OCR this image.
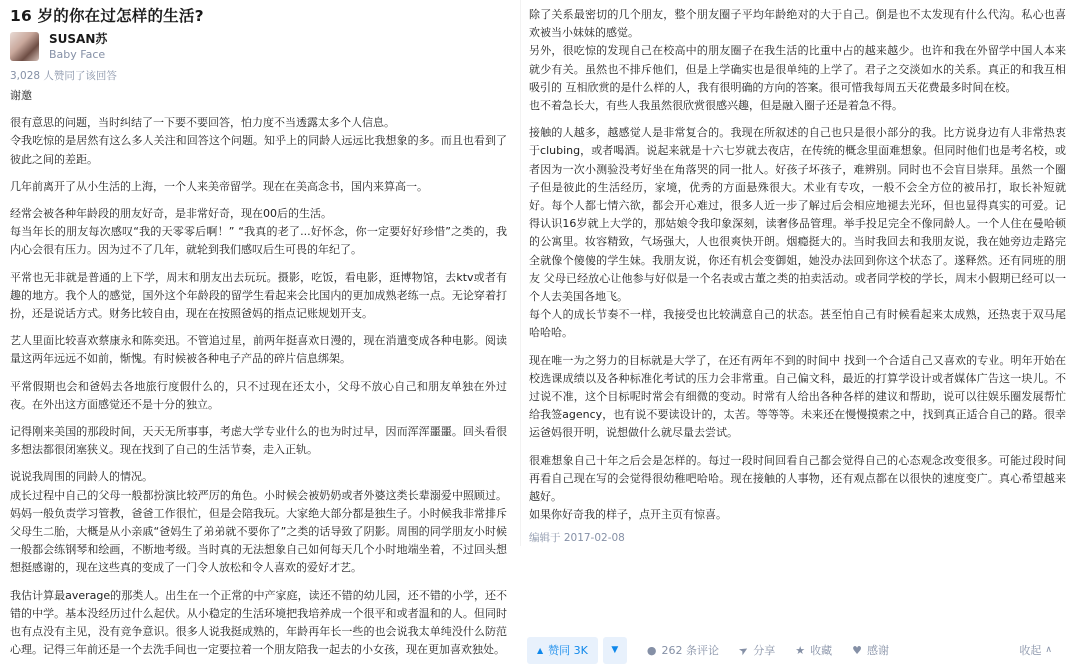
16 岁的你在过怎样的生活?
SUSAN苏
Baby Face
3,028 人赞同了该回答

谢邀

很有意思的问题，当时纠结了一下要不要回答，怕力度不当透露太多个人信息。

令我吃惊的是居然有这么多人关注和回答这个问题。知乎上的同龄人远远比我想象的多。而且也看到了彼此之间的差距。

几年前离开了从小生活的上海，一个人来美帝留学。现在在美高念书，国内来算高一。

经常会被各种年龄段的朋友好奇，是非常好奇，现在00后的生活。

每当年长的朋友每次感叹“我的天零零后啊！” “我真的老了...好怀念，你一定要好好珍惜”之类的，我内心会很有压力。因为过不了几年，就轮到我们感叹后生可畏的年纪了。

平常也无非就是普通的上下学，周末和朋友出去玩玩。摄影，吃饭，看电影，逛博物馆，去ktv或者有趣的地方。我个人的感觉，国外这个年龄段的留学生看起来会比国内的更加成熟老练一点。无论穿着打扮，还是说话方式。财务比较自由，现在在按照爸妈的指点记账规划开支。

艺人里面比较喜欢蔡康永和陈奕迅。不管追过星，前两年挺喜欢日漫的，现在消遣变成各种电影。阅读量这两年远远不如前，惭愧。有时候被各种电子产品的碎片信息绑架。

平常假期也会和爸妈去各地旅行度假什么的，只不过现在还太小，父母不放心自己和朋友单独在外过夜。在外出这方面感觉还不是十分的独立。

记得刚来美国的那段时间，天天无所事事，考虑大学专业什么的也为时过早，因而浑浑噩噩。回头看很多想法都很闭塞狭义。现在找到了自己的生活节奏，走入正轨。

说说我周围的同龄人的情况。

成长过程中自己的父母一般都扮演比较严厉的角色。小时候会被奶奶或者外婆这类长辈溺爱中照顾过。妈妈一般负责学习管教，爸爸工作很忙，但是会陪我玩。大家绝大部分都是独生子。小时候我非常排斥父母生二胎，大概是从小亲戚“爸妈生了弟弟就不要你了”之类的话导致了阴影。周围的同学朋友小时候一般都会练钢琴和绘画，不断地考级。当时真的无法想象自己如何每天几个小时地端坐着，不过回头想想挺感谢的，现在这些真的变成了一门令人放松和令人喜欢的爱好才艺。

我估计算最average的那类人。出生在一个正常的中产家庭，读还不错的幼儿园，还不错的小学，还不错的中学。基本没经历过什么起伏。从小稳定的生活环境把我培养成一个很平和或者温和的人。但同时也有点没有主见，没有竞争意识。很多人说我挺成熟的，年龄再年长一些的也会说我太单纯没什么防范心理。记得三年前还是一个去洗手间也一定要拉着一个朋友陪我一起去的小女孩，现在更加喜欢独处。

除了关系最密切的几个朋友，整个朋友圈子平均年龄绝对的大于自己。倒是也不太发现有什么代沟。私心也喜欢被当小妹妹的感觉。

另外，很吃惊的发现自己在校高中的朋友圈子在我生活的比重中占的越来越少。也许和我在外留学中国人本来就少有关。虽然也不排斥他们，但是上学确实也是很单纯的上学了。君子之交淡如水的关系。真正的和我互相吸引的 互相欣赏的是什么样的人，我有很明确的方向的答案。很可惜我每周五天花费最多时间在校。

也不着急长大，有些人我虽然很欣赏很感兴趣，但是融入圈子还是着急不得。

接触的人越多，越感觉人是非常复合的。我现在所叙述的自己也只是很小部分的我。比方说身边有人非常热衷于clubing，或者喝酒。说起来就是十六七岁就去夜店，在传统的概念里面难想象。但同时他们也是考名校，或者因为一次小测验没考好坐在角落哭的同一批人。好孩子坏孩子，难辨别。同时也不会盲目崇拜。虽然一个圈子但是彼此的生活经历，家境，优秀的方面悬殊很大。术业有专攻，一般不会全方位的被吊打，取长补短就好。每个人都七情六欲，都会开心难过，很多人近一步了解过后会相应地褪去光环，但也显得真实的可爱。记得认识16岁就上大学的，那姑娘令我印象深刻，读奢侈品管理。举手投足完全不像同龄人。一个人住在曼哈顿的公寓里。妆容精致，气场强大，人也很爽快开朗。烟瘾挺大的。当时我回去和我朋友说，我在她旁边走路完全就像个傻傻的学生妹。我朋友说，你还有机会变御姐，她没办法回到你这个状态了。遂释然。还有同班的朋友 父母已经放心让他参与好似是一个名表或古董之类的拍卖活动。或者同学校的学长，周末小假期已经可以一个人去美国各地飞。

每个人的成长节奏不一样，我接受也比较满意自己的状态。甚至怕自己有时候看起来太成熟，还热衷于双马尾哈哈哈。

现在唯一为之努力的目标就是大学了，在还有两年不到的时间中 找到一个合适自己又喜欢的专业。明年开始在校选课成绩以及各种标准化考试的压力会非常重。自己偏文科，最近的打算学设计或者媒体广告这一块儿。不过说不准，这个目标呢时常会有细微的变动。时常有人给出各种各样的建议和帮助，说可以往娱乐圈发展帮忙给我签agency，也有说不要读设计的，太苦。等等等。未来还在慢慢摸索之中，找到真正适合自己的路。很幸运爸妈很开明，说想做什么就尽量去尝试。

很难想象自己十年之后会是怎样的。每过一段时间回看自己都会觉得自己的心态观念改变很多。可能过段时间再看自己现在写的会觉得很幼稚吧哈哈。现在接触的人事物，还有观点都在以很快的速度变广。真心希望越来越好。

如果你好奇我的样子，点开主页有惊喜。

编辑于 2017-02-08
▲ 赞同 3K	▼	● 262 条评论 ➤ 分享 ★ 收藏 ♥ 感谢	收起 ∧
